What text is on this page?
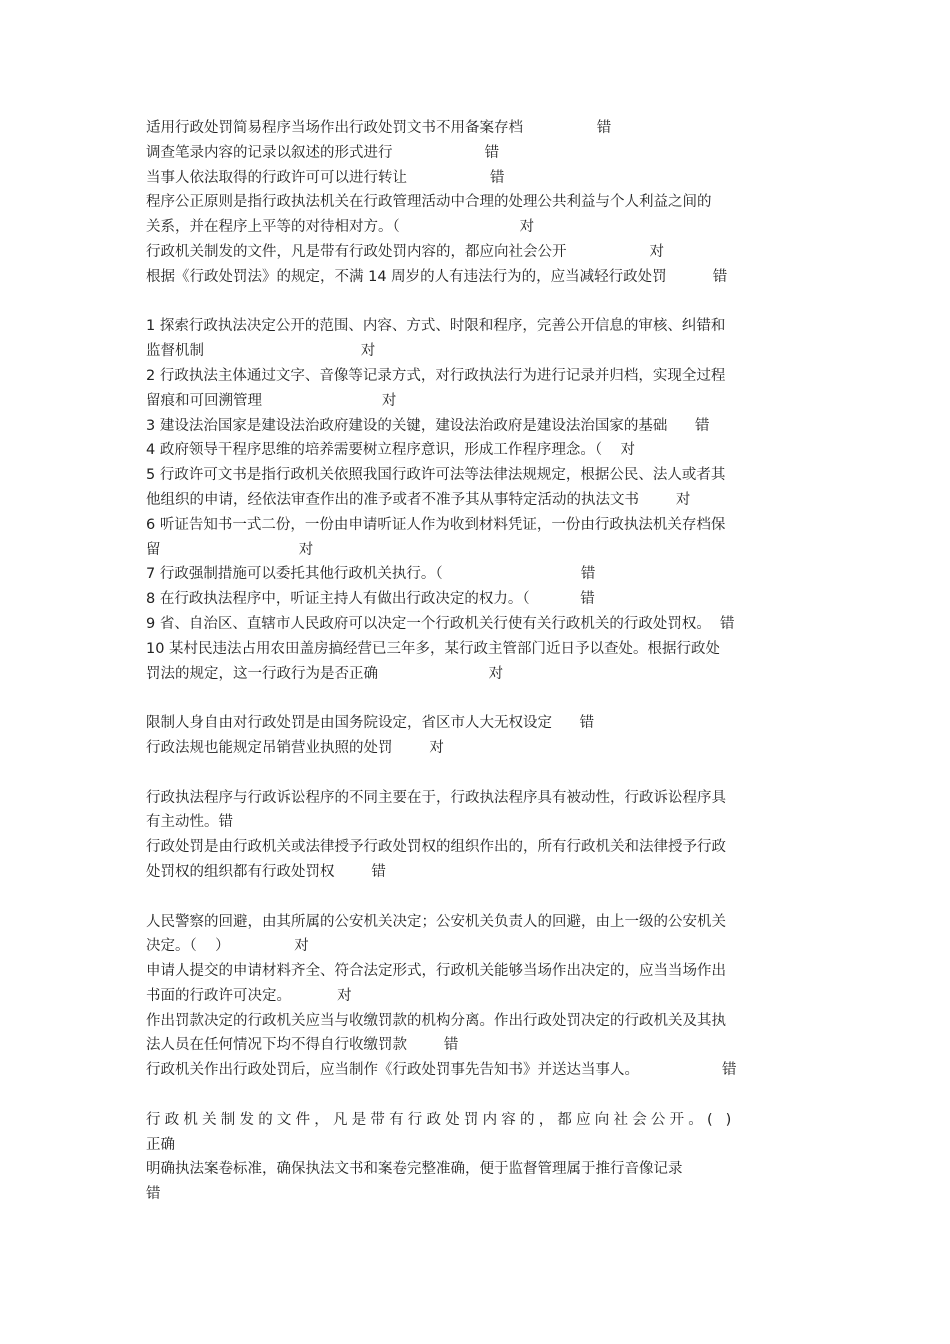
适用行政处罚简易程序当场作出行政处罚文书不用备案存档                错
调查笔录内容的记录以叙述的形式进行                    错
当事人依法取得的行政许可可以进行转让                  错
程序公正原则是指行政执法机关在行政管理活动中合理的处理公共利益与个人利益之间的
关系，并在程序上平等的对待相对方。（                          对
行政机关制发的文件，凡是带有行政处罚内容的，都应向社会公开                  对
根据《行政处罚法》的规定，不满 14 周岁的人有违法行为的，应当减轻行政处罚          错
1 探索行政执法决定公开的范围、内容、方式、时限和程序，完善公开信息的审核、纠错和
监督机制                                  对
2 行政执法主体通过文字、音像等记录方式，对行政执法行为进行记录并归档，实现全过程
留痕和可回溯管理                          对
3 建设法治国家是建设法治政府建设的关键，建设法治政府是建设法治国家的基础      错
4 政府领导干程序思维的培养需要树立程序意识，形成工作程序理念。（    对
5 行政许可文书是指行政机关依照我国行政许可法等法律法规规定，根据公民、法人或者其
他组织的申请，经依法审查作出的准予或者不准予其从事特定活动的执法文书        对
6 听证告知书一式二份，一份由申请听证人作为收到材料凭证，一份由行政执法机关存档保
留                              对
7 行政强制措施可以委托其他行政机关执行。（                              错
8 在行政执法程序中，听证主持人有做出行政决定的权力。（           错
9 省、自治区、直辖市人民政府可以决定一个行政机关行使有关行政机关的行政处罚权。  错
10 某村民违法占用农田盖房搞经营已三年多，某行政主管部门近日予以查处。根据行政处
罚法的规定，这一行政行为是否正确                        对
限制人身自由对行政处罚是由国务院设定，省区市人大无权设定      错
行政法规也能规定吊销营业执照的处罚        对
行政执法程序与行政诉讼程序的不同主要在于，行政执法程序具有被动性，行政诉讼程序具
有主动性。错
行政处罚是由行政机关或法律授予行政处罚权的组织作出的，所有行政机关和法律授予行政
处罚权的组织都有行政处罚权        错
人民警察的回避，由其所属的公安机关决定；公安机关负责人的回避，由上一级的公安机关
决定。（    ）              对
申请人提交的申请材料齐全、符合法定形式，行政机关能够当场作出决定的，应当当场作出
书面的行政许可决定。          对
作出罚款决定的行政机关应当与收缴罚款的机构分离。作出行政处罚决定的行政机关及其执
法人员在任何情况下均不得自行收缴罚款        错
行政机关作出行政处罚后，应当制作《行政处罚事先告知书》并送达当事人。                  错
行政机关制发的文件，凡是带有行政处罚内容的，都应向社会公开。( )
正确
明确执法案卷标准，确保执法文书和案卷完整准确，便于监督管理属于推行音像记录
错
